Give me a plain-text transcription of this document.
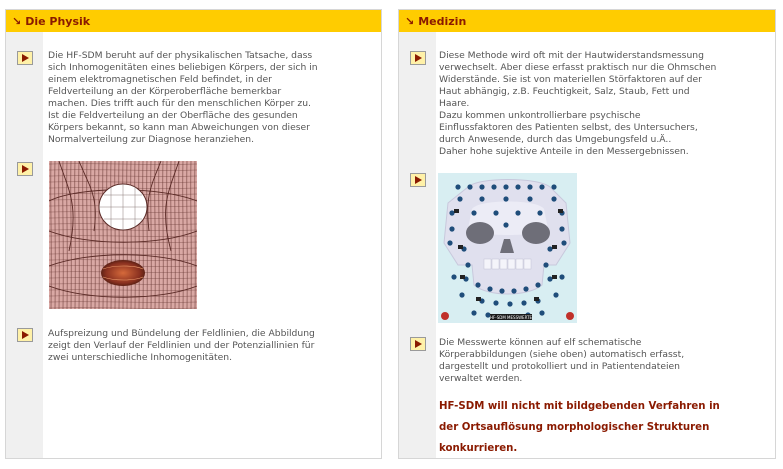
↘ Die Physik

Die HF-SDM beruht auf der physikalischen Tatsache, dass
sich Inhomogenitäten eines beliebigen Körpers, der sich in
einem elektromagnetischen Feld befindet, in der
Feldverteilung an der Körperoberfläche bemerkbar
machen. Dies trifft auch für den menschlichen Körper zu.
Ist die Feldverteilung an der Oberfläche des gesunden
Körpers bekannt, so kann man Abweichungen von dieser
Normalverteilung zur Diagnose heranziehen.

Aufspreizung und Bündelung der Feldlinien, die Abbildung
zeigt den Verlauf der Feldlinien und der Potenziallinien für
zwei unterschiedliche Inhomogenitäten.

↘ Medizin

Diese Methode wird oft mit der Hautwiderstandsmessung
verwechselt. Aber diese erfasst praktisch nur die Ohmschen
Widerstände. Sie ist von materiellen Störfaktoren auf der
Haut abhängig, z.B. Feuchtigkeit, Salz, Staub, Fett und
Haare.
Dazu kommen unkontrollierbare psychische
Einflussfaktoren des Patienten selbst, des Untersuchers,
durch Anwesende, durch das Umgebungsfeld u.Ä..
Daher hohe sujektive Anteile in den Messergebnissen.

HF-SDM MESSWERTE

Die Messwerte können auf elf schematische
Körperabbildungen (siehe oben) automatisch erfasst,
dargestellt und protokolliert und in Patientendateien
verwaltet werden.

HF-SDM will nicht mit bildgebenden Verfahren in
der Ortsauflösung morphologischer Strukturen
konkurrieren.
